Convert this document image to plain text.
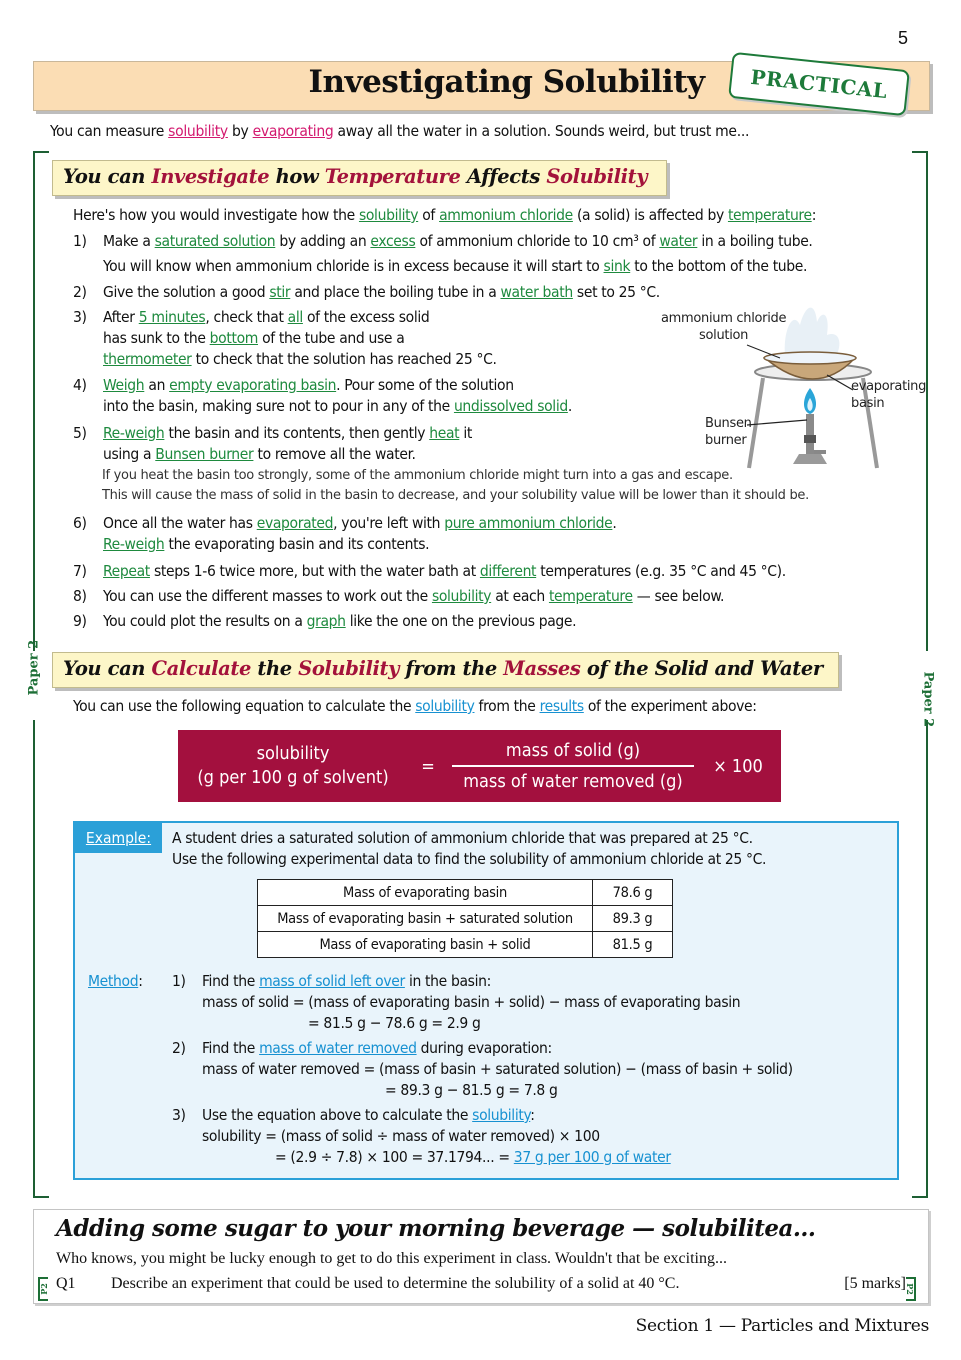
5
Investigating Solubility	PRACTICAL
You can measure solubility by evaporating away all the water in a solution. Sounds weird, but trust me...
Paper 2
Paper 2
You can Investigate how Temperature Affects Solubility
Here's how you would investigate how the solubility of ammonium chloride (a solid) is affected by temperature:
1)	Make a saturated solution by adding an excess of ammonium chloride to 10 cm³ of water in a boiling tube.
You will know when ammonium chloride is in excess because it will start to sink to the bottom of the tube.
2)	Give the solution a good stir and place the boiling tube in a water bath set to 25 °C.
3)	After 5 minutes, check that all of the excess solid
has sunk to the bottom of the tube and use a
thermometer to check that the solution has reached 25 °C.
4)	Weigh an empty evaporating basin. Pour some of the solution
into the basin, making sure not to pour in any of the undissolved solid.
5)	Re-weigh the basin and its contents, then gently heat it
using a Bunsen burner to remove all the water.
If you heat the basin too strongly, some of the ammonium chloride might turn into a gas and escape.
This will cause the mass of solid in the basin to decrease, and your solubility value will be lower than it should be.
6)	Once all the water has evaporated, you're left with pure ammonium chloride.
Re-weigh the evaporating basin and its contents.
7)	Repeat steps 1-6 twice more, but with the water bath at different temperatures (e.g. 35 °C and 45 °C).
8)	You can use the different masses to work out the solubility at each temperature — see below.
9)	You could plot the results on a graph like the one on the previous page.
ammonium chloride
solution
evaporating
basin
Bunsen
burner
You can Calculate the Solubility from the Masses of the Solid and Water
You can use the following equation to calculate the solubility from the results of the experiment above:
solubility
(g per 100 g of solvent)
= $\frac{\text{mass of solid (g)}}{\text{mass of water removed (g)}} \times 100$
Example:	A student dries a saturated solution of ammonium chloride that was prepared at 25 °C.
Use the following experimental data to find the solubility of ammonium chloride at 25 °C.
Mass of evaporating basin	78.6 g
Mass of evaporating basin + saturated solution	89.3 g
Mass of evaporating basin + solid	81.5 g
Method: 1)	Find the mass of solid left over in the basin:
mass of solid = (mass of evaporating basin + solid) − mass of evaporating basin
= 81.5 g − 78.6 g = 2.9 g
2)	Find the mass of water removed during evaporation:
mass of water removed = (mass of basin + saturated solution) − (mass of basin + solid)
= 89.3 g − 81.5 g = 7.8 g
3)	Use the equation above to calculate the solubility:
solubility = (mass of solid ÷ mass of water removed) × 100
= (2.9 ÷ 7.8) × 100 = 37.1794... = 37 g per 100 g of water
Adding some sugar to your morning beverage — solubilitea...
Who knows, you might be lucky enough to get to do this experiment in class. Wouldn't that be exciting...
P2 Q1	Describe an experiment that could be used to determine the solubility of a solid at 40 °C.	[5 marks] P2
Section 1 — Particles and Mixtures
